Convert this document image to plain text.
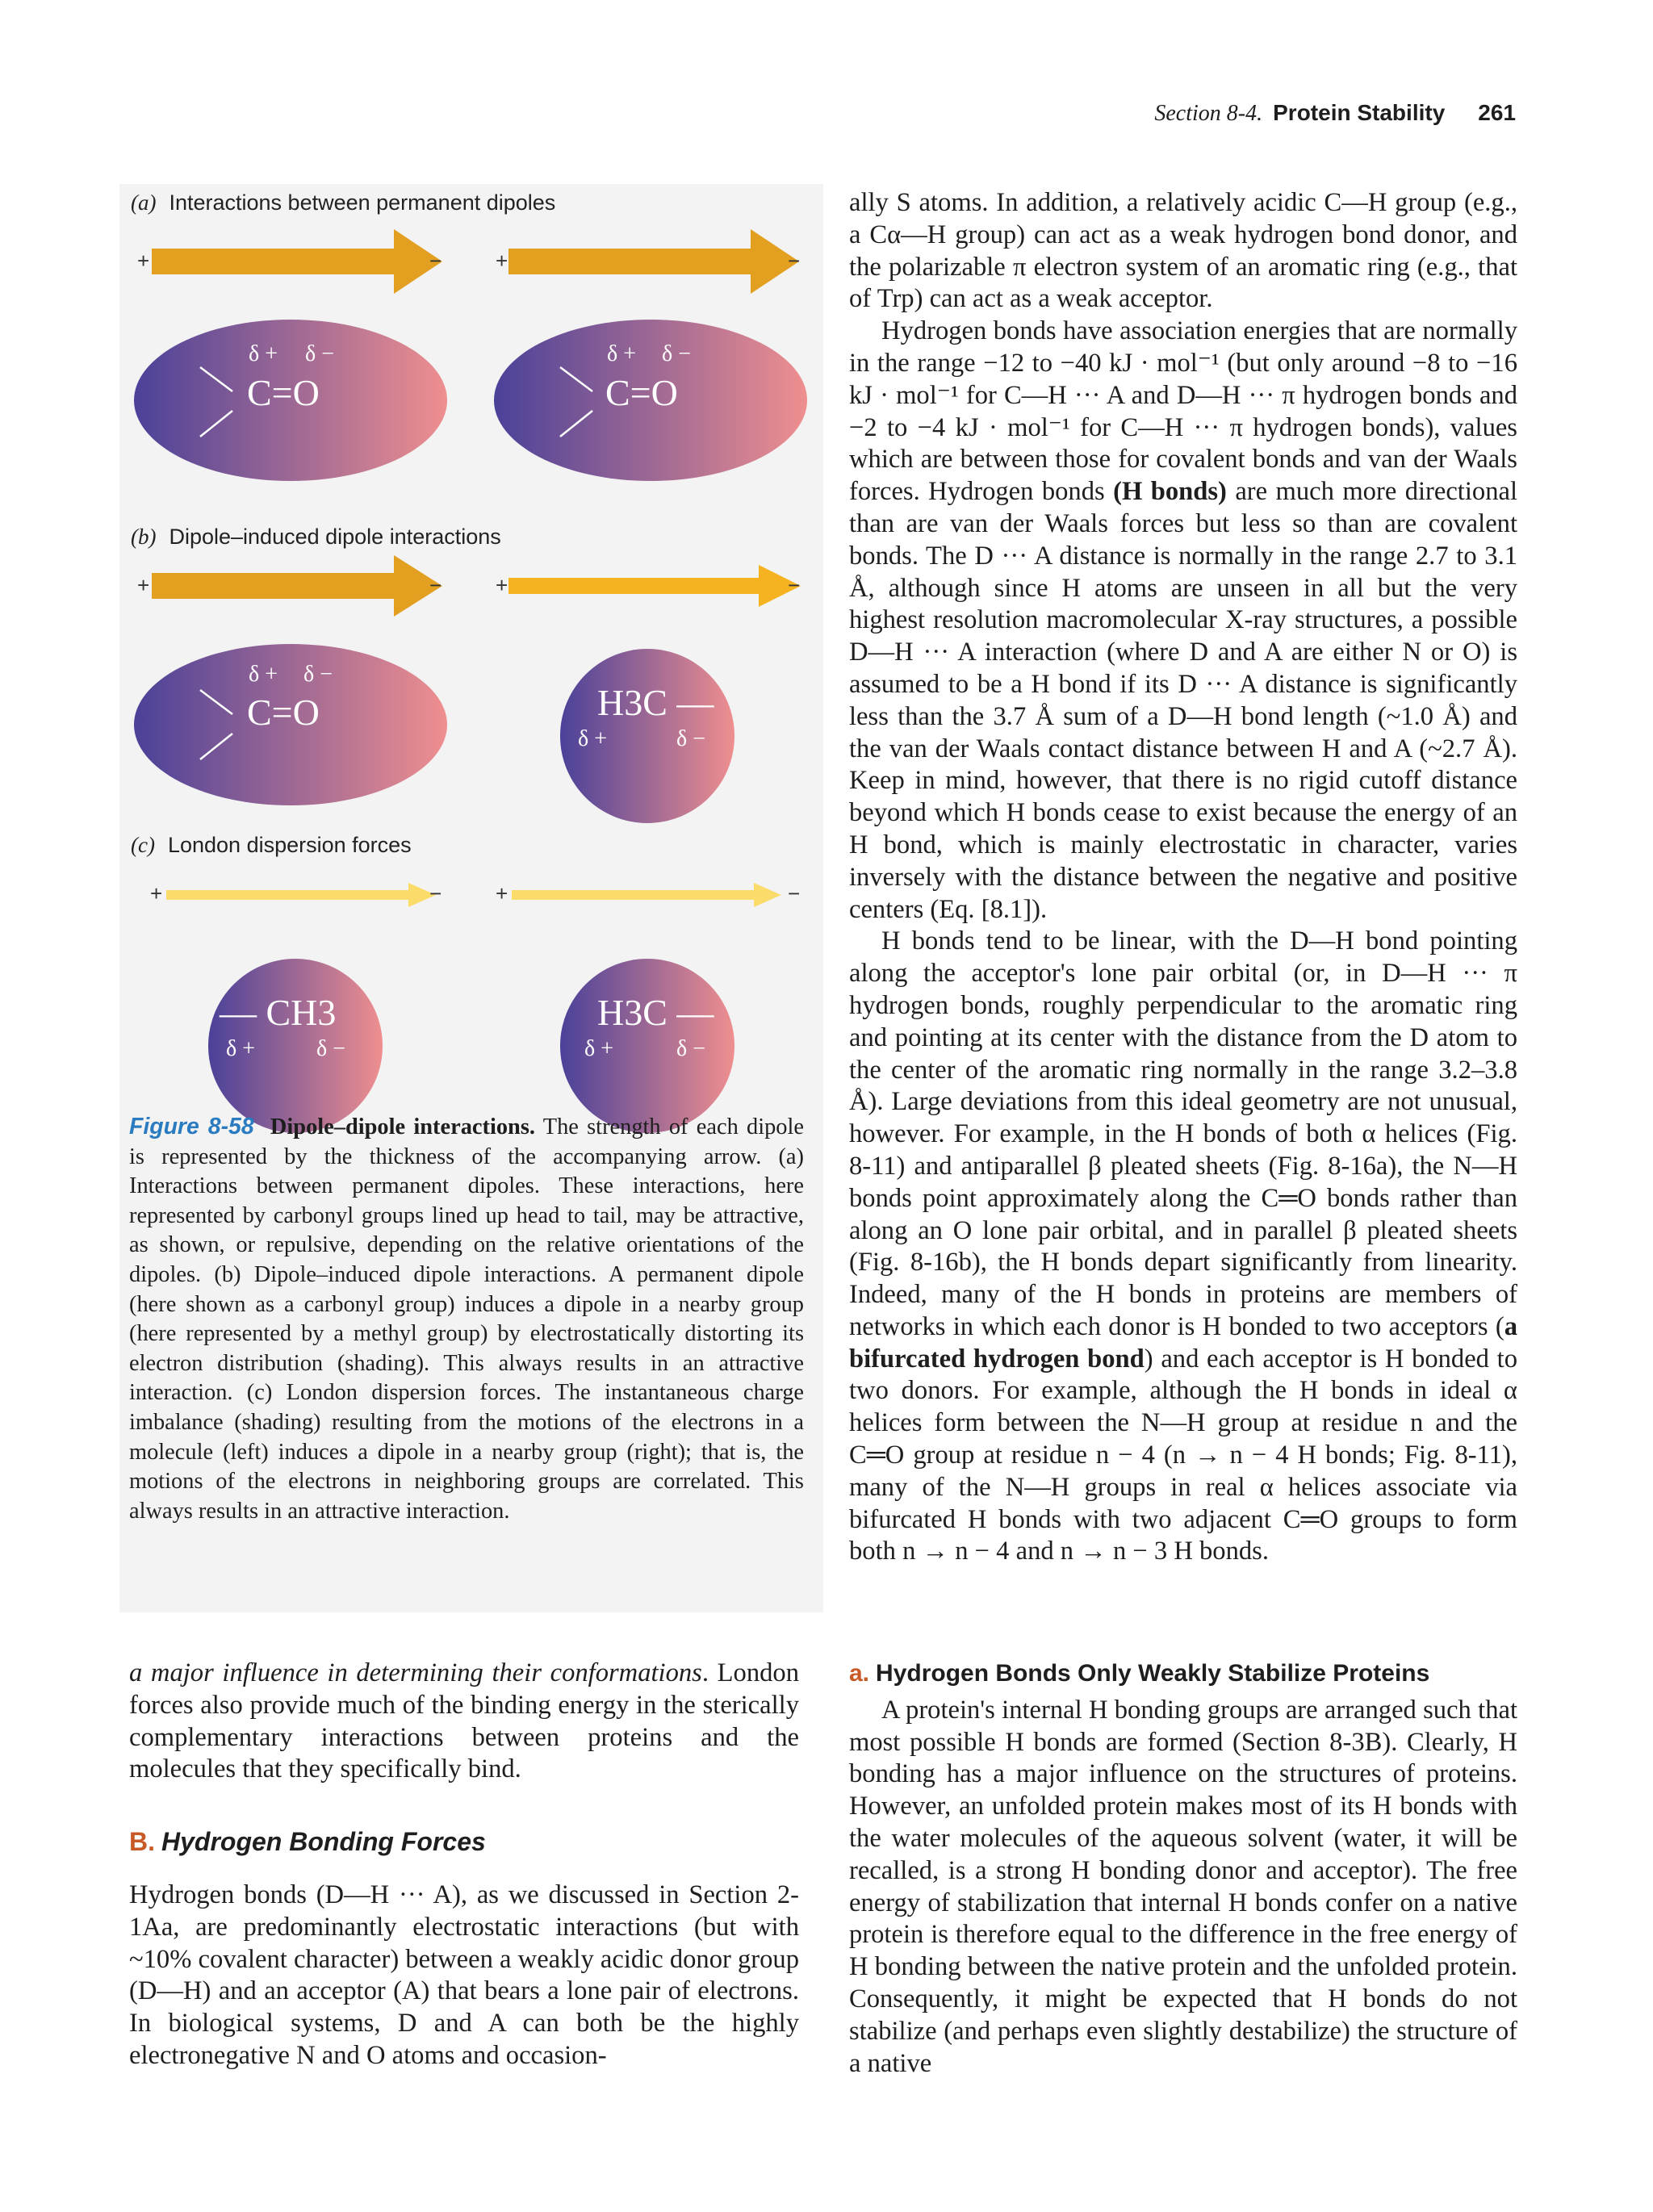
Section 8-4. Protein Stability 261
(a) Interactions between permanent dipoles
+	−	+	−
δ + δ −
C=O
δ + δ −
C=O
(b) Dipole–induced dipole interactions
+	−	+	−
δ + δ −
C=O	H3C —
δ +	δ −
(c) London dispersion forces
+	−	+	−
— CH3
δ +	δ −
H3C —
δ +	δ −
Figure 8-58 Dipole–dipole interactions. The strength of each dipole is represented by the thickness of the accompanying arrow. (a) Interactions between permanent dipoles. These interactions, here represented by carbonyl groups lined up head to tail, may be attractive, as shown, or repulsive, depending on the relative orientations of the dipoles. (b) Dipole–induced dipole interactions. A permanent dipole (here shown as a carbonyl group) induces a dipole in a nearby group (here represented by a methyl group) by electrostatically distorting its electron distribution (shading). This always results in an attractive interaction. (c) London dispersion forces. The instantaneous charge imbalance (shading) resulting from the motions of the electrons in a molecule (left) induces a dipole in a nearby group (right); that is, the motions of the electrons in neighboring groups are correlated. This always results in an attractive interaction.

a major influence in determining their conformations. London forces also provide much of the binding energy in the sterically complementary interactions between proteins and the molecules that they specifically bind.

B. Hydrogen Bonding Forces

Hydrogen bonds (D—H ··· A), as we discussed in Section 2-1Aa, are predominantly electrostatic interactions (but with ~10% covalent character) between a weakly acidic donor group (D—H) and an acceptor (A) that bears a lone pair of electrons. In biological systems, D and A can both be the highly electronegative N and O atoms and occasion-

ally S atoms. In addition, a relatively acidic C—H group (e.g., a Cα—H group) can act as a weak hydrogen bond donor, and the polarizable π electron system of an aromatic ring (e.g., that of Trp) can act as a weak acceptor.

Hydrogen bonds have association energies that are normally in the range −12 to −40 kJ · mol⁻¹ (but only around −8 to −16 kJ · mol⁻¹ for C—H ··· A and D—H ··· π hydrogen bonds and −2 to −4 kJ · mol⁻¹ for C—H ··· π hydrogen bonds), values which are between those for covalent bonds and van der Waals forces. Hydrogen bonds (H bonds) are much more directional than are van der Waals forces but less so than are covalent bonds. The D ··· A distance is normally in the range 2.7 to 3.1 Å, although since H atoms are unseen in all but the very highest resolution macromolecular X-ray structures, a possible D—H ··· A interaction (where D and A are either N or O) is assumed to be a H bond if its D ··· A distance is significantly less than the 3.7 Å sum of a D—H bond length (~1.0 Å) and the van der Waals contact distance between H and A (~2.7 Å). Keep in mind, however, that there is no rigid cutoff distance beyond which H bonds cease to exist because the energy of an H bond, which is mainly electrostatic in character, varies inversely with the distance between the negative and positive centers (Eq. [8.1]).

H bonds tend to be linear, with the D—H bond pointing along the acceptor's lone pair orbital (or, in D—H ··· π hydrogen bonds, roughly perpendicular to the aromatic ring and pointing at its center with the distance from the D atom to the center of the aromatic ring normally in the range 3.2–3.8 Å). Large deviations from this ideal geometry are not unusual, however. For example, in the H bonds of both α helices (Fig. 8-11) and antiparallel β pleated sheets (Fig. 8-16a), the N—H bonds point approximately along the C═O bonds rather than along an O lone pair orbital, and in parallel β pleated sheets (Fig. 8-16b), the H bonds depart significantly from linearity. Indeed, many of the H bonds in proteins are members of networks in which each donor is H bonded to two acceptors (a bifurcated hydrogen bond) and each acceptor is H bonded to two donors. For example, although the H bonds in ideal α helices form between the N—H group at residue n and the C═O group at residue n − 4 (n → n − 4 H bonds; Fig. 8-11), many of the N—H groups in real α helices associate via bifurcated H bonds with two adjacent C═O groups to form both n → n − 4 and n → n − 3 H bonds.

a. Hydrogen Bonds Only Weakly Stabilize Proteins

A protein's internal H bonding groups are arranged such that most possible H bonds are formed (Section 8-3B). Clearly, H bonding has a major influence on the structures of proteins. However, an unfolded protein makes most of its H bonds with the water molecules of the aqueous solvent (water, it will be recalled, is a strong H bonding donor and acceptor). The free energy of stabilization that internal H bonds confer on a native protein is therefore equal to the difference in the free energy of H bonding between the native protein and the unfolded protein. Consequently, it might be expected that H bonds do not stabilize (and perhaps even slightly destabilize) the structure of a native
